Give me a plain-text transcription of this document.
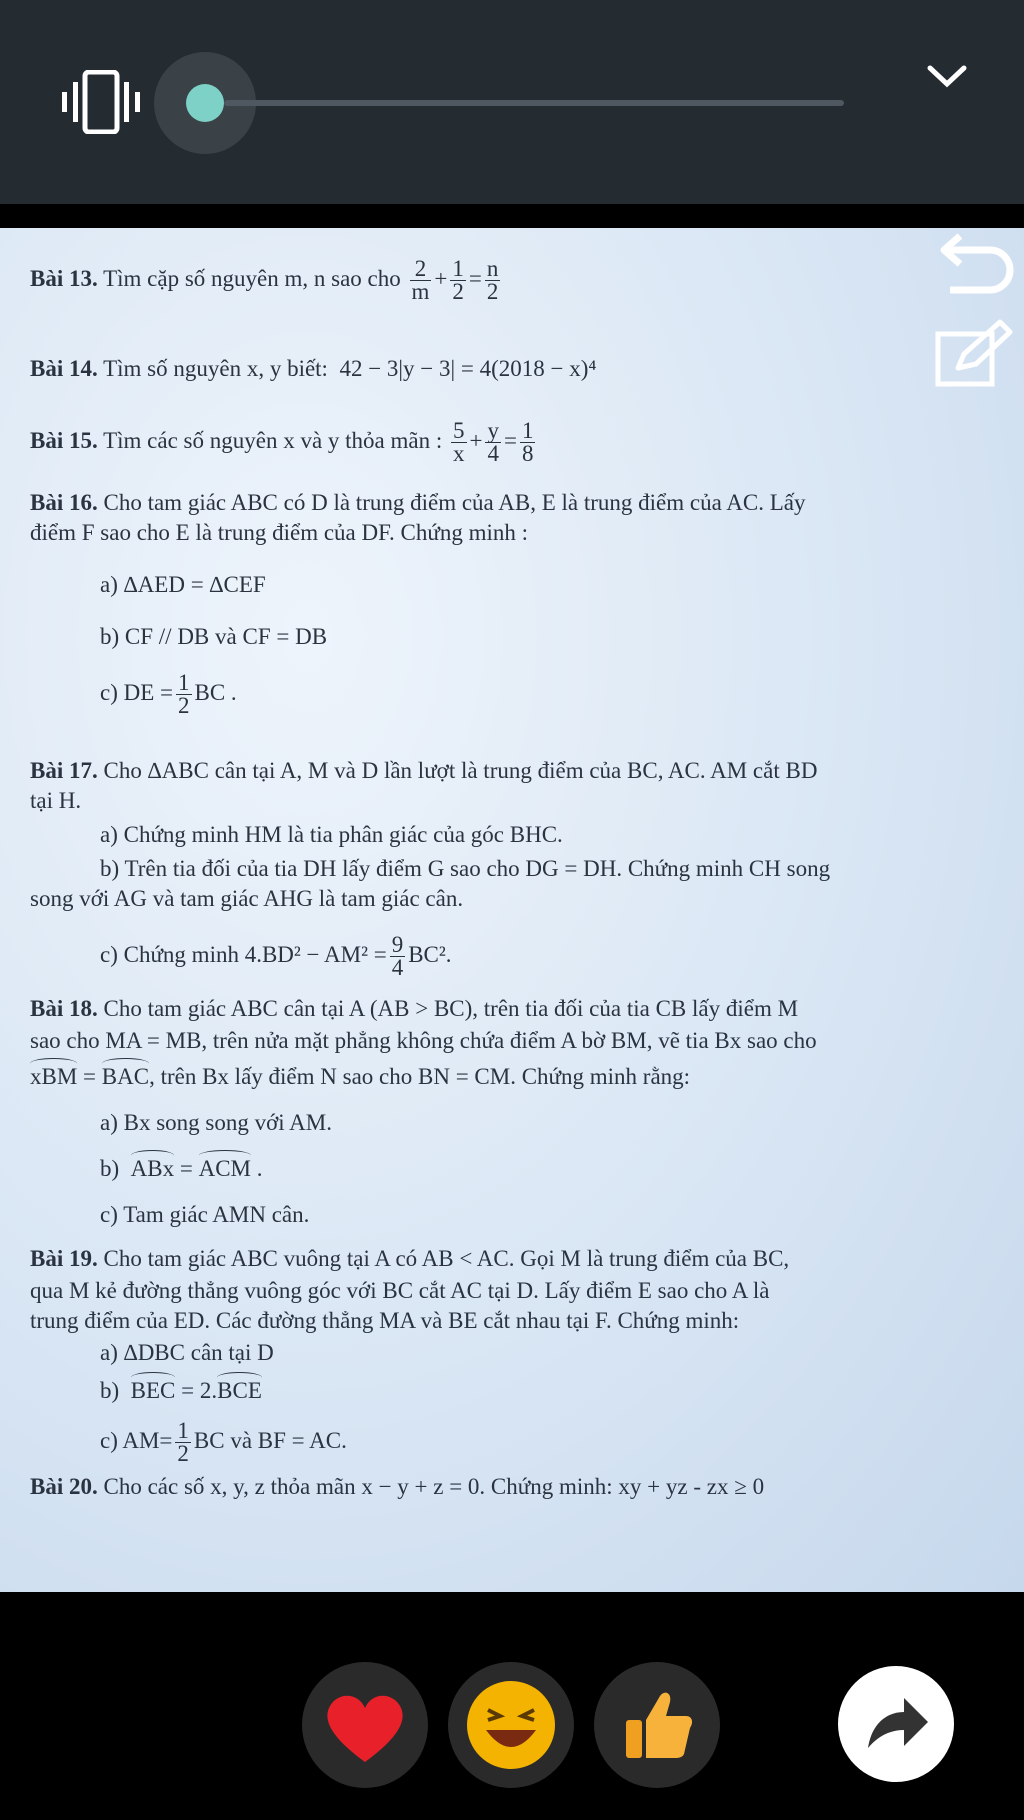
Bài 13. Tìm cặp số nguyên m, n sao cho $\frac{2}{m} + \frac{1}{2} = \frac{n}{2}$
Bài 14. Tìm số nguyên x, y biết: 42 − 3|y − 3| = 4(2018 − x)⁴
Bài 15. Tìm các số nguyên x và y thỏa mãn : $\frac{5}{x} + \frac{y}{4} = \frac{1}{8}$
Bài 16. Cho tam giác ABC có D là trung điểm của AB, E là trung điểm của AC. Lấy
điểm F sao cho E là trung điểm của DF. Chứng minh :
a) ∆AED = ∆CEF
b) CF // DB và CF = DB
c) DE = $\frac{1}{2}$ BC .
Bài 17. Cho ∆ABC cân tại A, M và D lần lượt là trung điểm của BC, AC. AM cắt BD
tại H.
a) Chứng minh HM là tia phân giác của góc BHC.
b) Trên tia đối của tia DH lấy điểm G sao cho DG = DH. Chứng minh CH song
song với AG và tam giác AHG là tam giác cân.
c) Chứng minh $4.BD^2 - AM^2 = \frac{9}{4} BC^2$.
Bài 18. Cho tam giác ABC cân tại A (AB > BC), trên tia đối của tia CB lấy điểm M
sao cho MA = MB, trên nửa mặt phẳng không chứa điểm A bờ BM, vẽ tia Bx sao cho
xBM = BAC, trên Bx lấy điểm N sao cho BN = CM. Chứng minh rằng:
a) Bx song song với AM.
b) ABx = ACM .
c) Tam giác AMN cân.
Bài 19. Cho tam giác ABC vuông tại A có AB < AC. Gọi M là trung điểm của BC,
qua M kẻ đường thẳng vuông góc với BC cắt AC tại D. Lấy điểm E sao cho A là
trung điểm của ED. Các đường thẳng MA và BE cắt nhau tại F. Chứng minh:
a) ∆DBC cân tại D
b) BEC = 2.BCE
c) $AM= \frac{1}{2}$ BC và BF = AC.
Bài 20. Cho các số x, y, z thỏa mãn x − y + z = 0. Chứng minh: xy + yz - zx ≥ 0
